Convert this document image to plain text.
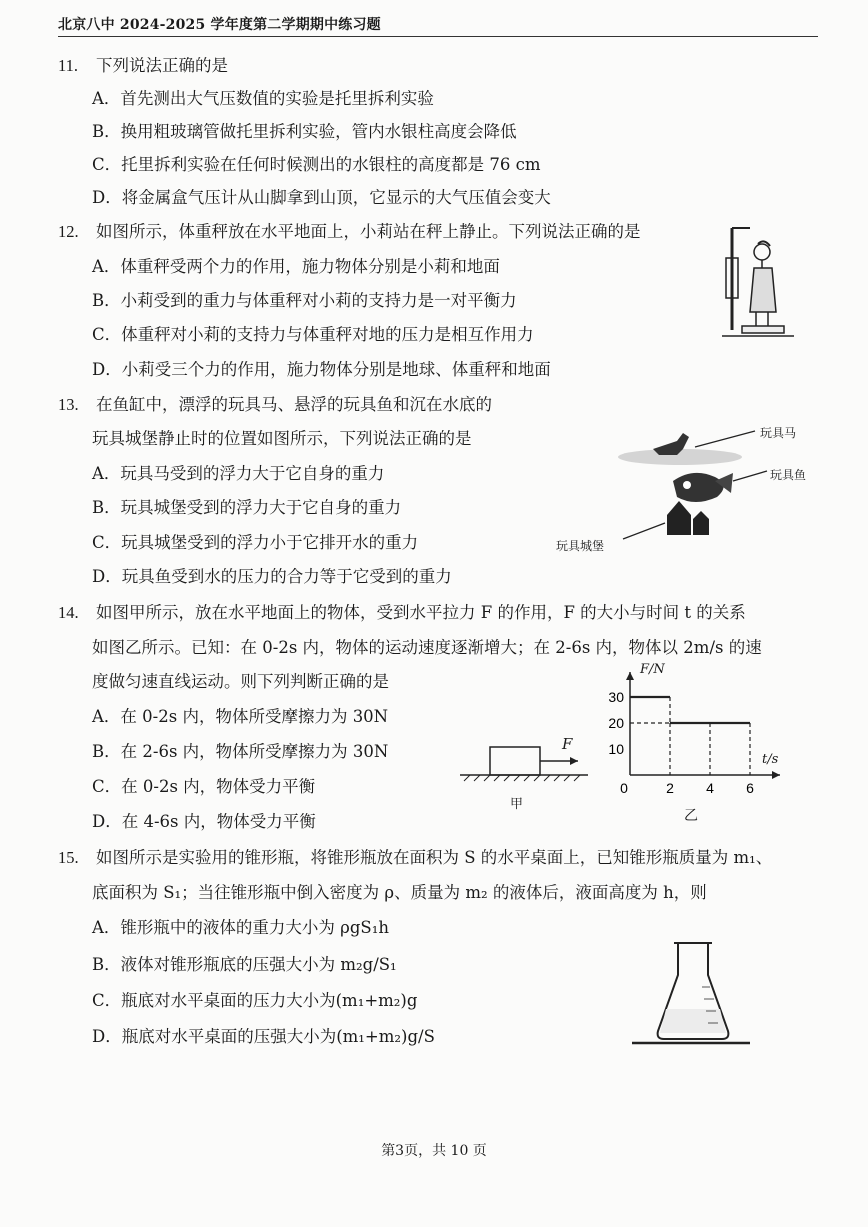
北京八中 2024-2025 学年度第二学期期中练习题
11. 下列说法正确的是
A．首先测出大气压数值的实验是托里拆利实验
B．换用粗玻璃管做托里拆利实验，管内水银柱高度会降低
C．托里拆利实验在任何时候测出的水银柱的高度都是 76 cm
D．将金属盒气压计从山脚拿到山顶，它显示的大气压值会变大
12. 如图所示，体重秤放在水平地面上，小莉站在秤上静止。下列说法正确的是
A．体重秤受两个力的作用，施力物体分别是小莉和地面
B．小莉受到的重力与体重秤对小莉的支持力是一对平衡力
C．体重秤对小莉的支持力与体重秤对地的压力是相互作用力
D．小莉受三个力的作用，施力物体分别是地球、体重秤和地面
13. 在鱼缸中，漂浮的玩具马、悬浮的玩具鱼和沉在水底的
玩具城堡静止时的位置如图所示，下列说法正确的是
A．玩具马受到的浮力大于它自身的重力
B．玩具城堡受到的浮力大于它自身的重力
C．玩具城堡受到的浮力小于它排开水的重力
D．玩具鱼受到水的压力的合力等于它受到的重力
玩具马
玩具鱼
玩具城堡
14. 如图甲所示，放在水平地面上的物体，受到水平拉力 F 的作用，F 的大小与时间 t 的关系
如图乙所示。已知：在 0-2s 内，物体的运动速度逐渐增大；在 2-6s 内，物体以 2m/s 的速
度做匀速直线运动。则下列判断正确的是
A．在 0-2s 内，物体所受摩擦力为 30N
B．在 2-6s 内，物体所受摩擦力为 30N
C．在 0-2s 内，物体受力平衡
D．在 4-6s 内，物体受力平衡
F
甲
30
20
10
0	2 4 6
F/N
t/s
乙
15. 如图所示是实验用的锥形瓶，将锥形瓶放在面积为 S 的水平桌面上，已知锥形瓶质量为 m₁、
底面积为 S₁；当往锥形瓶中倒入密度为 ρ、质量为 m₂ 的液体后，液面高度为 h，则
A．锥形瓶中的液体的重力大小为 ρgS₁h
B．液体对锥形瓶底的压强大小为 m₂g/S₁
C．瓶底对水平桌面的压力大小为(m₁+m₂)g
D．瓶底对水平桌面的压强大小为(m₁+m₂)g/S
第3页，共 10 页
